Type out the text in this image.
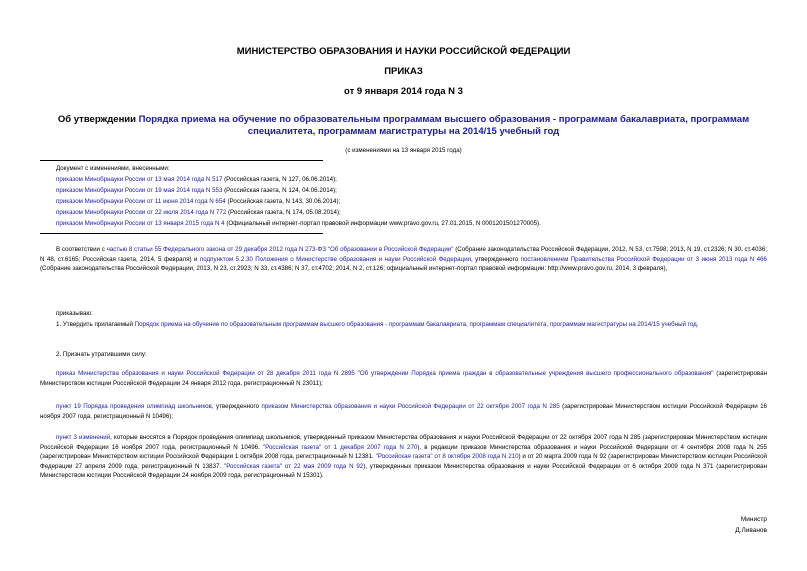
МИНИСТЕРСТВО ОБРАЗОВАНИЯ И НАУКИ РОССИЙСКОЙ ФЕДЕРАЦИИ
ПРИКАЗ
от 9 января 2014 года N 3
Об утверждении Порядка приема на обучение по образовательным программам высшего образования - программам бакалавриата, программам специалитета, программам магистратуры на 2014/15 учебный год
(с изменениями на 13 января 2015 года)
Документ с изменениями, внесенными:
приказом Минобрнауки России от 13 мая 2014 года N 517 (Российская газета, N 127, 06.06.2014);
приказом Минобрнауки России от 19 мая 2014 года N 553 (Российская газета, N 124, 04.06.2014);
приказом Минобрнауки России от 11 июня 2014 года N 654 (Российская газета, N 143, 30.06.2014);
приказом Минобрнауки России от 22 июля 2014 года N 772 (Российская газета, N 174, 05.08.2014);
приказом Минобрнауки России от 13 января 2015 года N 4 (Официальный интернет-портал правовой информации www.pravo.gov.ru, 27.01.2015, N 0001201501270005).
В соответствии с частью 8 статьи 55 Федерального закона от 29 декабря 2012 года N 273-ФЗ "Об образовании в Российской Федерации" (Собрание законодательства Российской Федерации, 2012, N 53, ст.7598; 2013, N 19, ст.2326; N 30, ст.4036; N 48, ст.6165; Российская газета, 2014, 5 февраля) и подпунктом 5.2.30 Положения о Министерстве образования и науки Российской Федерации, утвержденного постановлением Правительства Российской Федерации от 3 июня 2013 года N 466 (Собрание законодательства Российской Федерации, 2013, N 23, ст.2923; N 33, ст.4386; N 37, ст.4702; 2014, N 2, ст.126; официальный интернет-портал правовой информации: http://www.pravo.gov.ru, 2014, 3 февраля),
приказываю:
1. Утвердить прилагаемый Порядок приема на обучение по образовательным программам высшего образования - программам бакалавриата, программам специалитета, программам магистратуры на 2014/15 учебный год.
2. Признать утратившими силу:
приказ Министерства образования и науки Российской Федерации от 28 декабря 2011 года N 2895 "Об утверждении Порядка приема граждан в образовательные учреждения высшего профессионального образования" (зарегистрирован Министерством юстиции Российской Федерации 24 января 2012 года, регистрационный N 23011);
пункт 19 Порядка проведения олимпиад школьников, утвержденного приказом Министерства образования и науки Российской Федерации от 22 октября 2007 года N 285 (зарегистрирован Министерством юстиции Российской Федерации 16 ноября 2007 года, регистрационный N 10496);
пункт 3 изменений, которые вносятся в Порядок проведения олимпиад школьников, утвержденный приказом Министерства образования и науки Российской Федерации от 22 октября 2007 года N 285 (зарегистрирован Министерством юстиции Российской Федерации 16 ноября 2007 года, регистрационный N 10496. "Российская газета" от 1 декабря 2007 года N 270), в редакции приказов Министерства образования и науки Российской Федерации от 4 сентября 2008 года N 255 (зарегистрирован Министерством юстиции Российской Федерации 1 октября 2008 года, регистрационный N 12381. "Российская газета" от 8 октября 2008 года N 210) и от 20 марта 2009 года N 92 (зарегистрирован Министерством юстиции Российской Федерации 27 апреля 2009 года, регистрационный N 13837. "Российская газета" от 22 мая 2009 года N 92), утвержденных приказом Министерства образования и науки Российской Федерации от 6 октября 2009 года N 371 (зарегистрирован Министерством юстиции Российской Федерации 24 ноября 2009 года, регистрационный N 15301).
Министр
Д.Ливанов
